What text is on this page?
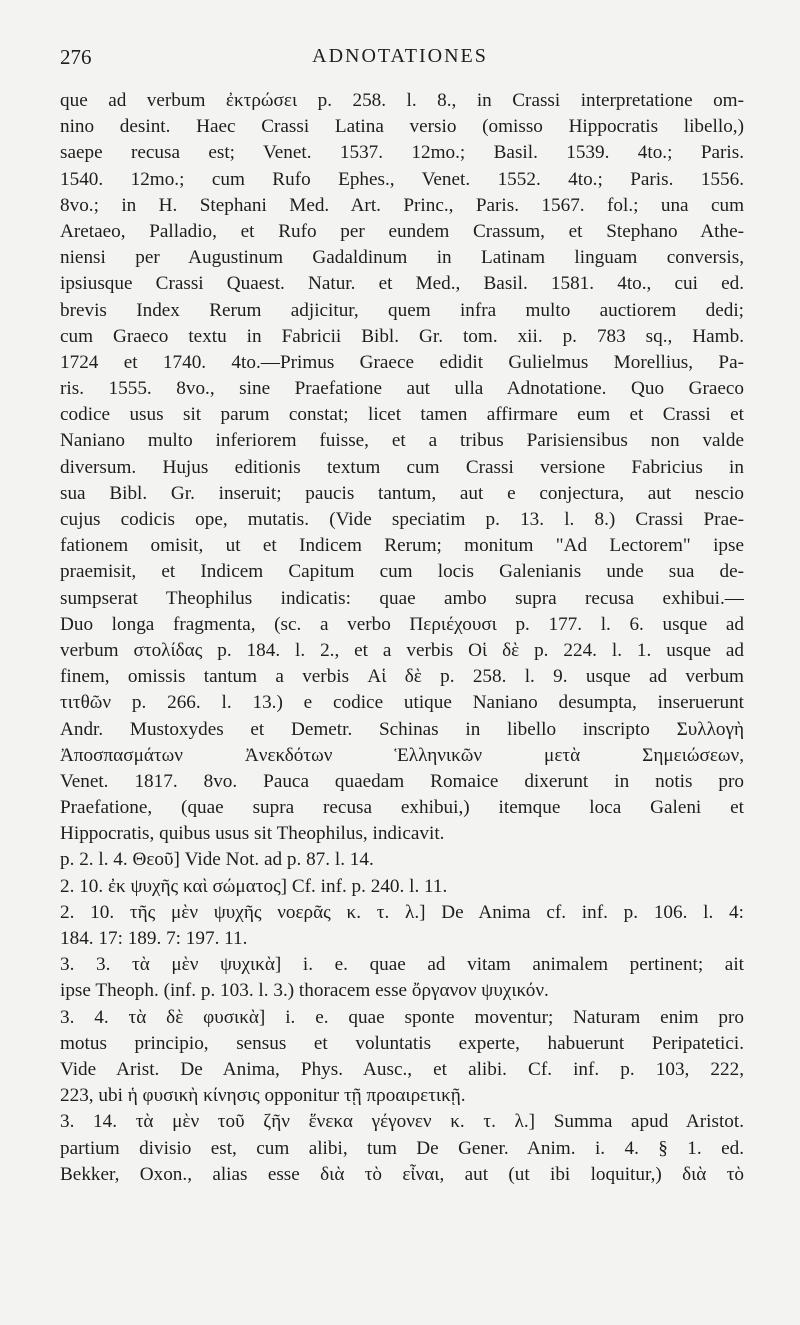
276	ADNOTATIONES
que ad verbum ἐκτρώσει p. 258. l. 8., in Crassi interpretatione om-
nino desint. Haec Crassi Latina versio (omisso Hippocratis libello,)
saepe recusa est; Venet. 1537. 12mo.; Basil. 1539. 4to.; Paris.
1540. 12mo.; cum Rufo Ephes., Venet. 1552. 4to.; Paris. 1556.
8vo.; in H. Stephani Med. Art. Princ., Paris. 1567. fol.; una cum
Aretaeo, Palladio, et Rufo per eundem Crassum, et Stephano Athe-
niensi per Augustinum Gadaldinum in Latinam linguam conversis,
ipsiusque Crassi Quaest. Natur. et Med., Basil. 1581. 4to., cui ed.
brevis Index Rerum adjicitur, quem infra multo auctiorem dedi;
cum Graeco textu in Fabricii Bibl. Gr. tom. xii. p. 783 sq., Hamb.
1724 et 1740. 4to.—Primus Graece edidit Gulielmus Morellius, Pa-
ris. 1555. 8vo., sine Praefatione aut ulla Adnotatione. Quo Graeco
codice usus sit parum constat; licet tamen affirmare eum et Crassi et
Naniano multo inferiorem fuisse, et a tribus Parisiensibus non valde
diversum. Hujus editionis textum cum Crassi versione Fabricius in
sua Bibl. Gr. inseruit; paucis tantum, aut e conjectura, aut nescio
cujus codicis ope, mutatis. (Vide speciatim p. 13. l. 8.) Crassi Prae-
fationem omisit, ut et Indicem Rerum; monitum "Ad Lectorem" ipse
praemisit, et Indicem Capitum cum locis Galenianis unde sua de-
sumpserat Theophilus indicatis: quae ambo supra recusa exhibui.—
Duo longa fragmenta, (sc. a verbo Περιέχουσι p. 177. l. 6. usque ad
verbum στολίδας p. 184. l. 2., et a verbis Οἱ δὲ p. 224. l. 1. usque ad
finem, omissis tantum a verbis Αἱ δὲ p. 258. l. 9. usque ad verbum
τιτθῶν p. 266. l. 13.) e codice utique Naniano desumpta, inseruerunt
Andr. Mustoxydes et Demetr. Schinas in libello inscripto Συλλογὴ
Ἀποσπασμάτων Ἀνεκδότων Ἑλληνικῶν μετὰ Σημειώσεων,
Venet. 1817. 8vo. Pauca quaedam Romaice dixerunt in notis pro
Praefatione, (quae supra recusa exhibui,) itemque loca Galeni et
Hippocratis, quibus usus sit Theophilus, indicavit.
p. 2. l. 4. Θεοῦ] Vide Not. ad p. 87. l. 14.
2. 10. ἐκ ψυχῆς καὶ σώματος] Cf. inf. p. 240. l. 11.
2. 10. τῆς μὲν ψυχῆς νοερᾶς κ. τ. λ.] De Anima cf. inf. p. 106. l. 4:
184. 17: 189. 7: 197. 11.
3. 3. τὰ μὲν ψυχικὰ] i. e. quae ad vitam animalem pertinent; ait
ipse Theoph. (inf. p. 103. l. 3.) thoracem esse ὄργανον ψυχικόν.
3. 4. τὰ δὲ φυσικὰ] i. e. quae sponte moventur; Naturam enim pro
motus principio, sensus et voluntatis experte, habuerunt Peripatetici.
Vide Arist. De Anima, Phys. Ausc., et alibi. Cf. inf. p. 103, 222,
223, ubi ἡ φυσικὴ κίνησις opponitur τῇ προαιρετικῇ.
3. 14. τὰ μὲν τοῦ ζῆν ἕνεκα γέγονεν κ. τ. λ.] Summa apud Aristot.
partium divisio est, cum alibi, tum De Gener. Anim. i. 4. § 1. ed.
Bekker, Oxon., alias esse διὰ τὸ εἶναι, aut (ut ibi loquitur,) διὰ τὸ
